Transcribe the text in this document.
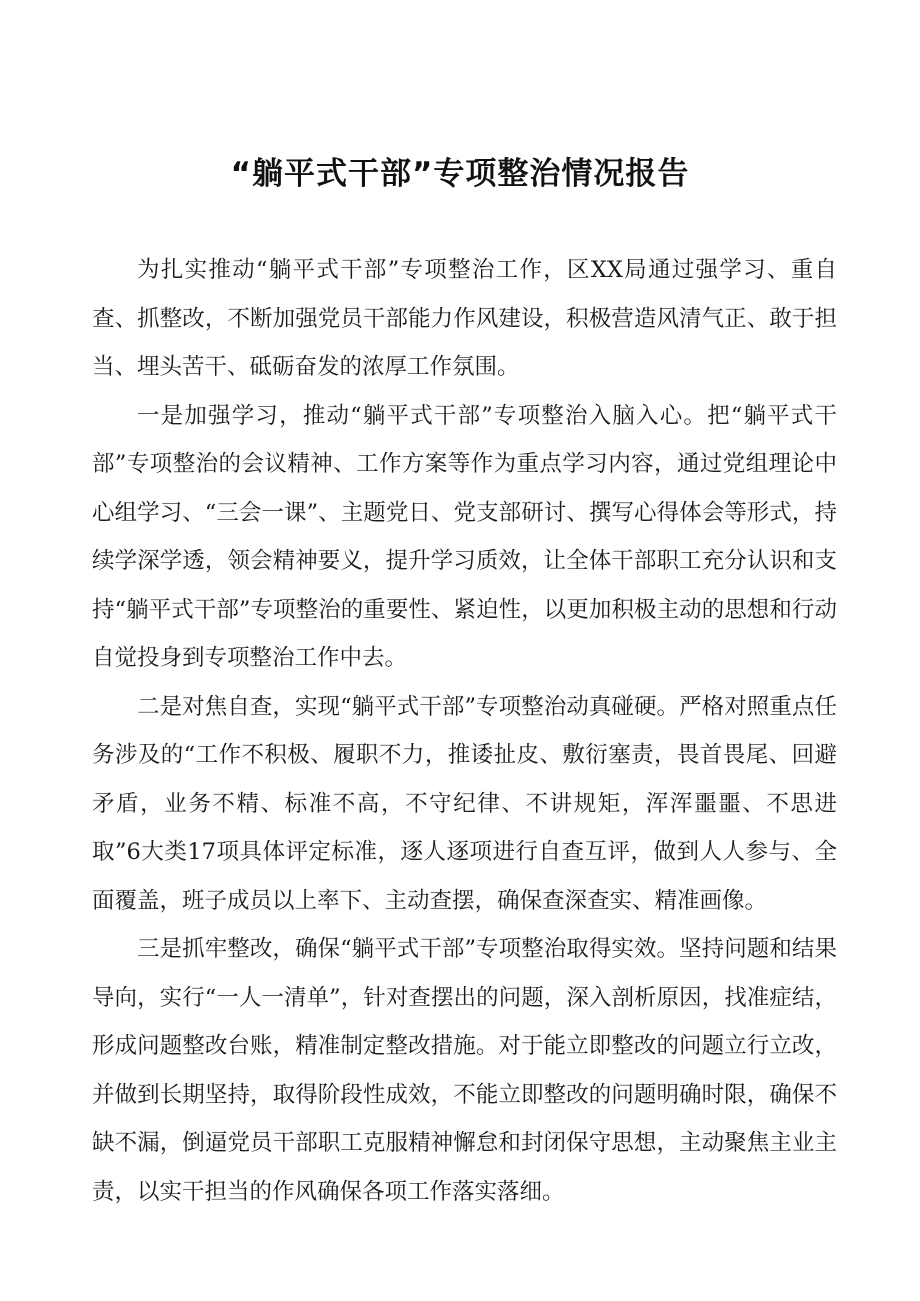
“躺平式干部”专项整治情况报告

为扎实推动“躺平式干部”专项整治工作，区XX局通过强学习、重自查、抓整改，不断加强党员干部能力作风建设，积极营造风清气正、敢于担当、埋头苦干、砥砺奋发的浓厚工作氛围。

一是加强学习，推动“躺平式干部”专项整治入脑入心。把“躺平式干部”专项整治的会议精神、工作方案等作为重点学习内容，通过党组理论中心组学习、“三会一课”、主题党日、党支部研讨、撰写心得体会等形式，持续学深学透，领会精神要义，提升学习质效，让全体干部职工充分认识和支持“躺平式干部”专项整治的重要性、紧迫性，以更加积极主动的思想和行动自觉投身到专项整治工作中去。

二是对焦自查，实现“躺平式干部”专项整治动真碰硬。严格对照重点任务涉及的“工作不积极、履职不力，推诿扯皮、敷衍塞责，畏首畏尾、回避矛盾，业务不精、标准不高，不守纪律、不讲规矩，浑浑噩噩、不思进取”6大类17项具体评定标准，逐人逐项进行自查互评，做到人人参与、全面覆盖，班子成员以上率下、主动查摆，确保查深查实、精准画像。

三是抓牢整改，确保“躺平式干部”专项整治取得实效。坚持问题和结果导向，实行“一人一清单”，针对查摆出的问题，深入剖析原因，找准症结，形成问题整改台账，精准制定整改措施。对于能立即整改的问题立行立改，并做到长期坚持，取得阶段性成效，不能立即整改的问题明确时限，确保不缺不漏，倒逼党员干部职工克服精神懈怠和封闭保守思想，主动聚焦主业主责，以实干担当的作风确保各项工作落实落细。
